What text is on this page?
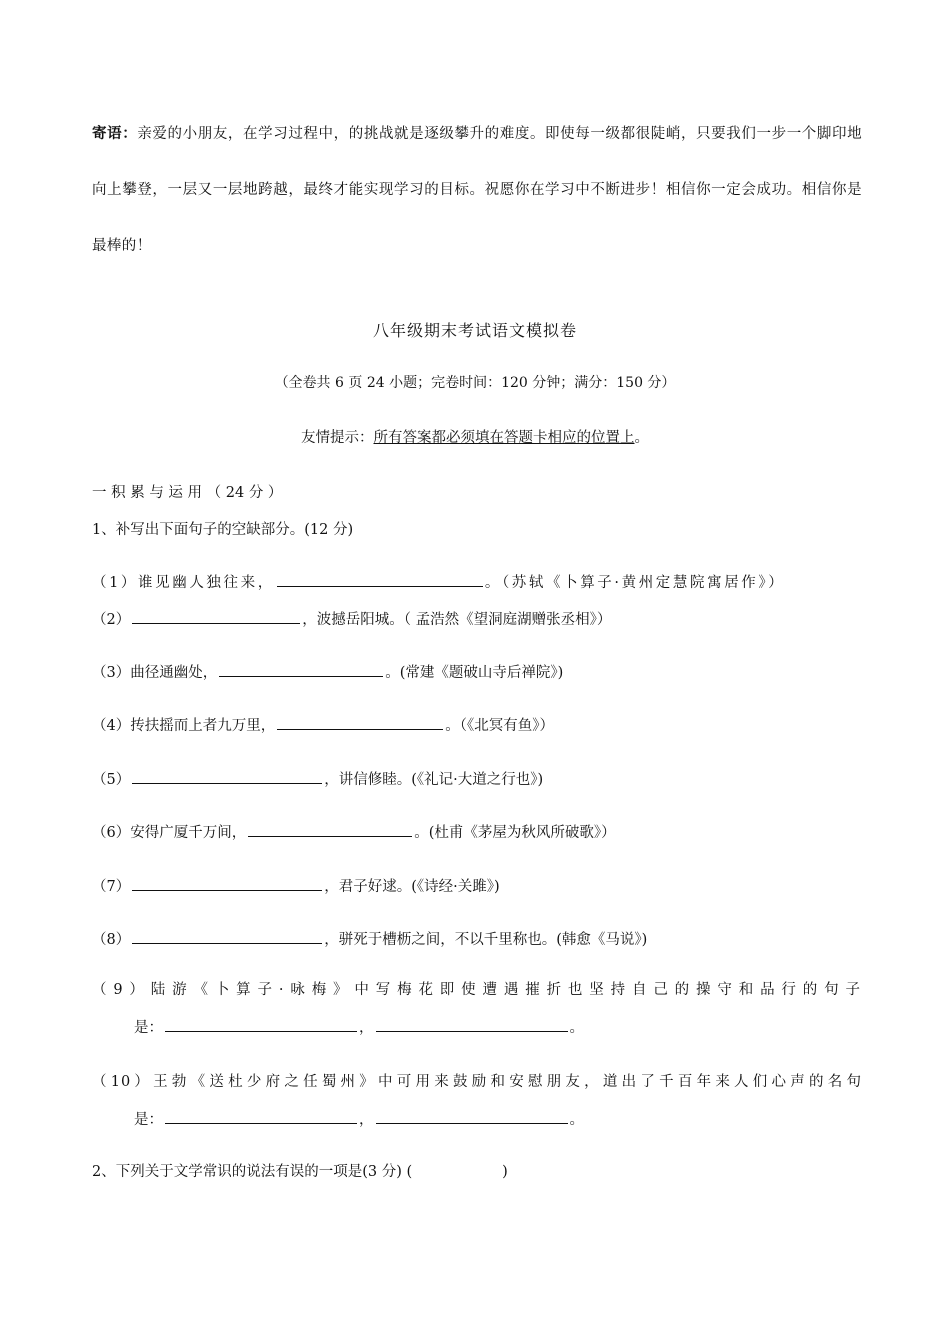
寄语：亲爱的小朋友，在学习过程中，的挑战就是逐级攀升的难度。即使每一级都很陡峭，只要我们一步一个脚印地向上攀登，一层又一层地跨越，最终才能实现学习的目标。祝愿你在学习中不断进步！相信你一定会成功。相信你是最棒的！
八年级期末考试语文模拟卷
（全卷共 6 页 24 小题；完卷时间：120 分钟；满分：150 分）
友情提示：所有答案都必须填在答题卡相应的位置上。
一 积 累 与 运 用 （ 24 分 ）
1、补写出下面句子的空缺部分。(12 分)
（1）谁见幽人独往来，	。（苏轼《卜算子·黄州定慧院寓居作》）
（2）	，波撼岳阳城。（ 孟浩然《望洞庭湖赠张丞相》）
（3）曲径通幽处，	。(常建《题破山寺后禅院》)
（4）抟扶摇而上者九万里，	。（《北冥有鱼》）
（5）	，讲信修睦。(《礼记·大道之行也》)
（6）安得广厦千万间，	。(杜甫《茅屋为秋风所破歌》）
（7）	，君子好逑。(《诗经·关雎》)
（8）	，骈死于槽枥之间，不以千里称也。(韩愈《马说》)
（9）陆游《卜算子·咏梅》中写梅花即使遭遇摧折也坚持自己的操守和品行的句子
是：	，	。
（10）王勃《送杜少府之任蜀州》中可用来鼓励和安慰朋友，道出了千百年来人们心声的名句
是：	，	。
2、下列关于文学常识的说法有误的一项是(3 分) (	)
